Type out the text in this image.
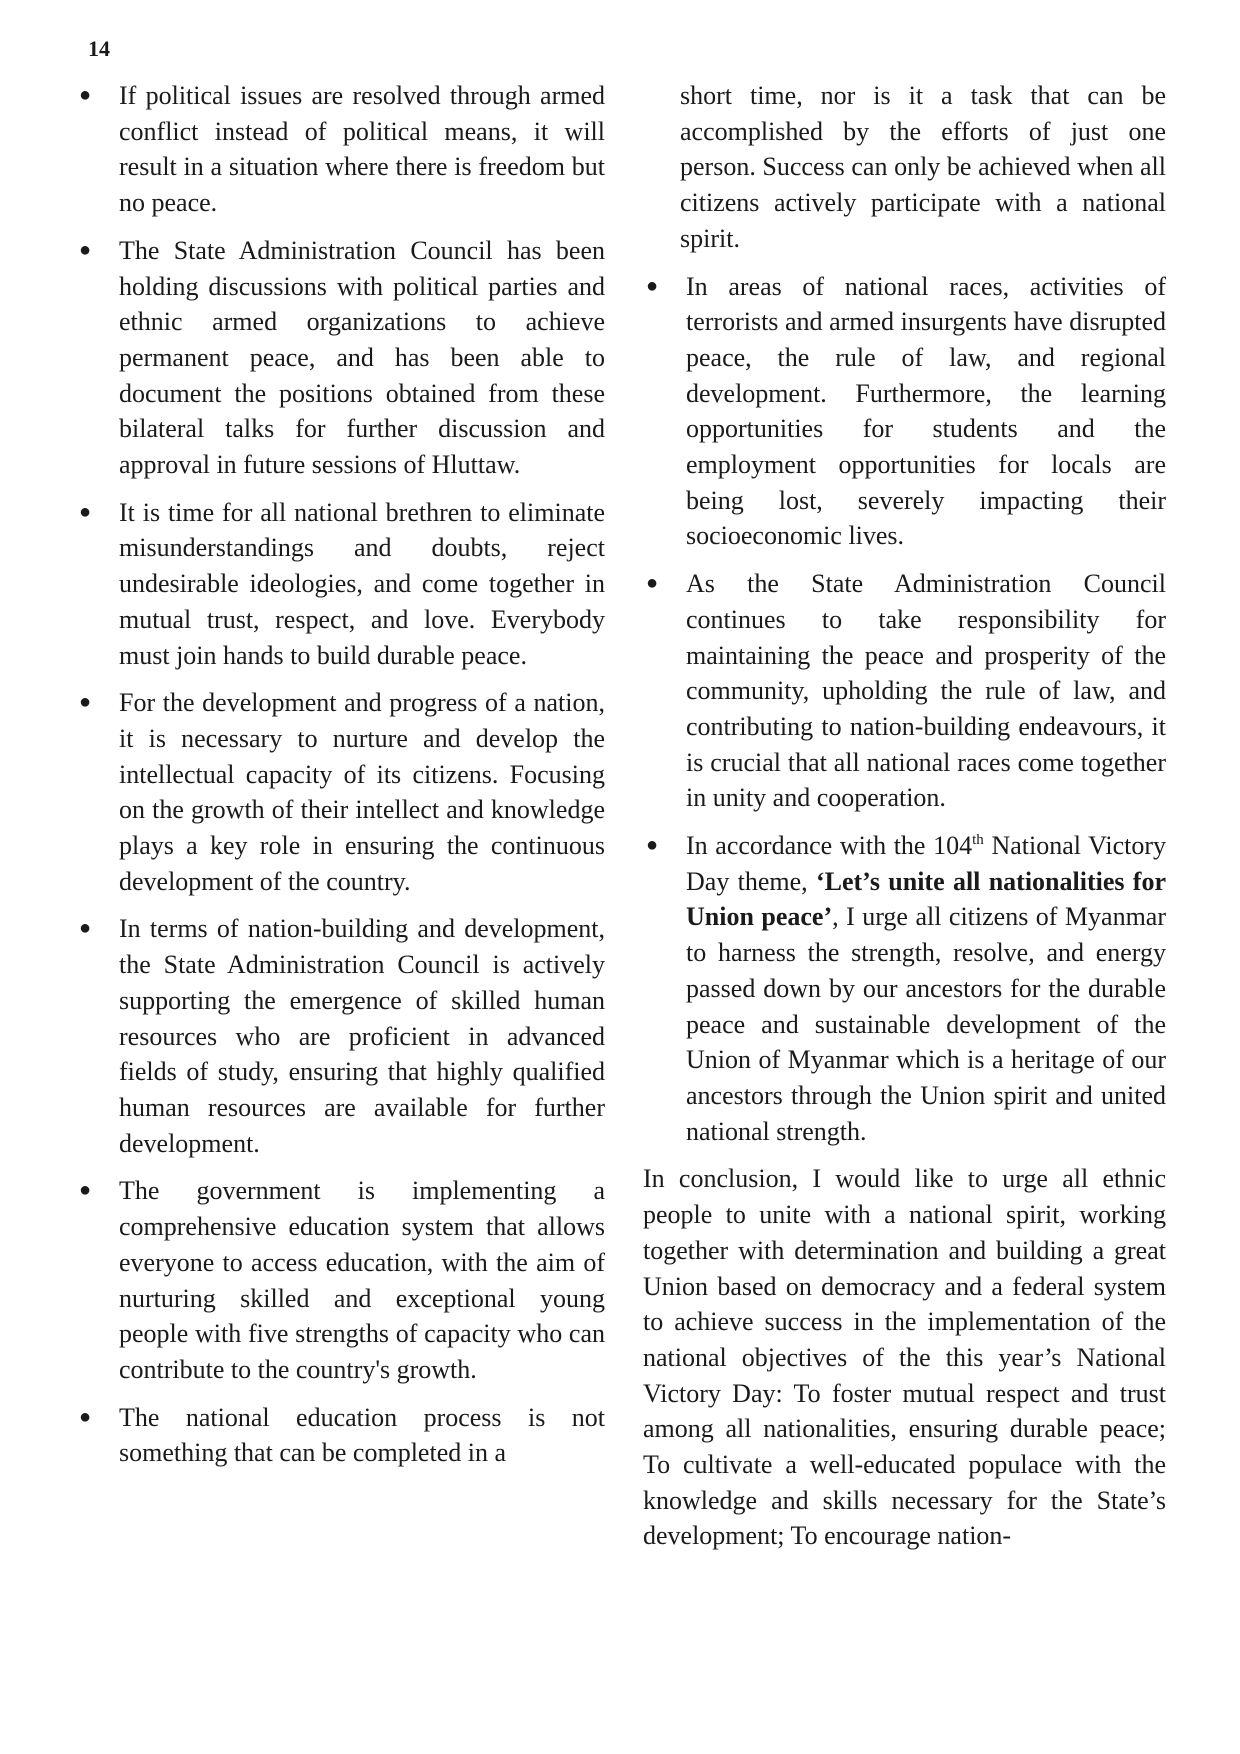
14
● If political issues are resolved through armed conflict instead of political means, it will result in a situation where there is freedom but no peace.
● The State Administration Council has been holding discussions with political parties and ethnic armed organizations to achieve permanent peace, and has been able to document the positions obtained from these bilateral talks for further discussion and approval in future sessions of Hluttaw.
● It is time for all national brethren to eliminate misunderstandings and doubts, reject undesirable ideologies, and come together in mutual trust, respect, and love. Everybody must join hands to build durable peace.
● For the development and progress of a nation, it is necessary to nurture and develop the intellectual capacity of its citizens. Focusing on the growth of their intellect and knowledge plays a key role in ensuring the continuous development of the country.
● In terms of nation-building and development, the State Administration Council is actively supporting the emergence of skilled human resources who are proficient in advanced fields of study, ensuring that highly qualified human resources are available for further development.
● The government is implementing a comprehensive education system that allows everyone to access education, with the aim of nurturing skilled and exceptional young people with five strengths of capacity who can contribute to the country's growth.
● The national education process is not something that can be completed in a

short time, nor is it a task that can be accomplished by the efforts of just one person. Success can only be achieved when all citizens actively participate with a national spirit.

● In areas of national races, activities of terrorists and armed insurgents have disrupted peace, the rule of law, and regional development. Furthermore, the learning opportunities for students and the employment opportunities for locals are being lost, severely impacting their socioeconomic lives.
● As the State Administration Council continues to take responsibility for maintaining the peace and prosperity of the community, upholding the rule of law, and contributing to nation-building endeavours, it is crucial that all national races come together in unity and cooperation.
● In accordance with the 104th National Victory Day theme, ‘Let’s unite all nationalities for Union peace’, I urge all citizens of Myanmar to harness the strength, resolve, and energy passed down by our ancestors for the durable peace and sustainable development of the Union of Myanmar which is a heritage of our ancestors through the Union spirit and united national strength.

In conclusion, I would like to urge all ethnic people to unite with a national spirit, working together with determination and building a great Union based on democracy and a federal system to achieve success in the implementation of the national objectives of the this year’s National Victory Day: To foster mutual respect and trust among all nationalities, ensuring durable peace; To cultivate a well-educated populace with the knowledge and skills necessary for the State’s development; To encourage nation-
